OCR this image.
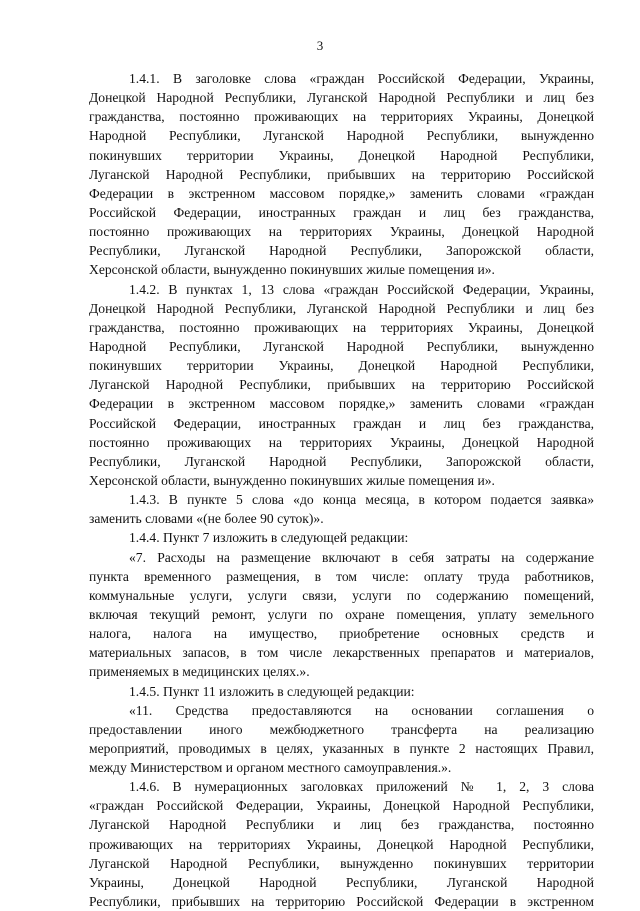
3
1.4.1. В заголовке слова «граждан Российской Федерации, Украины,
Донецкой Народной Республики, Луганской Народной Республики и лиц без
гражданства, постоянно проживающих на территориях Украины, Донецкой
Народной Республики, Луганской Народной Республики, вынужденно
покинувших территории Украины, Донецкой Народной Республики,
Луганской Народной Республики, прибывших на территорию Российской
Федерации в экстренном массовом порядке,» заменить словами «граждан
Российской Федерации, иностранных граждан и лиц без гражданства,
постоянно проживающих на территориях Украины, Донецкой Народной
Республики, Луганской Народной Республики, Запорожской области,
Херсонской области, вынужденно покинувших жилые помещения и».
1.4.2. В пунктах 1, 13 слова «граждан Российской Федерации, Украины,
Донецкой Народной Республики, Луганской Народной Республики и лиц без
гражданства, постоянно проживающих на территориях Украины, Донецкой
Народной Республики, Луганской Народной Республики, вынужденно
покинувших территории Украины, Донецкой Народной Республики,
Луганской Народной Республики, прибывших на территорию Российской
Федерации в экстренном массовом порядке,» заменить словами «граждан
Российской Федерации, иностранных граждан и лиц без гражданства,
постоянно проживающих на территориях Украины, Донецкой Народной
Республики, Луганской Народной Республики, Запорожской области,
Херсонской области, вынужденно покинувших жилые помещения и».
1.4.3. В пункте 5 слова «до конца месяца, в котором подается заявка»
заменить словами «(не более 90 суток)».
1.4.4. Пункт 7 изложить в следующей редакции:
«7. Расходы на размещение включают в себя затраты на содержание
пункта временного размещения, в том числе: оплату труда работников,
коммунальные услуги, услуги связи, услуги по содержанию помещений,
включая текущий ремонт, услуги по охране помещения, уплату земельного
налога, налога на имущество, приобретение основных средств и
материальных запасов, в том числе лекарственных препаратов и материалов,
применяемых в медицинских целях.».
1.4.5. Пункт 11 изложить в следующей редакции:
«11. Средства предоставляются на основании соглашения о
предоставлении иного межбюджетного трансферта на реализацию
мероприятий, проводимых в целях, указанных в пункте 2 настоящих Правил,
между Министерством и органом местного самоуправления.».
1.4.6. В нумерационных заголовках приложений № 1, 2, 3 слова
«граждан Российской Федерации, Украины, Донецкой Народной Республики,
Луганской Народной Республики и лиц без гражданства, постоянно
проживающих на территориях Украины, Донецкой Народной Республики,
Луганской Народной Республики, вынужденно покинувших территории
Украины, Донецкой Народной Республики, Луганской Народной
Республики, прибывших на территорию Российской Федерации в экстренном
